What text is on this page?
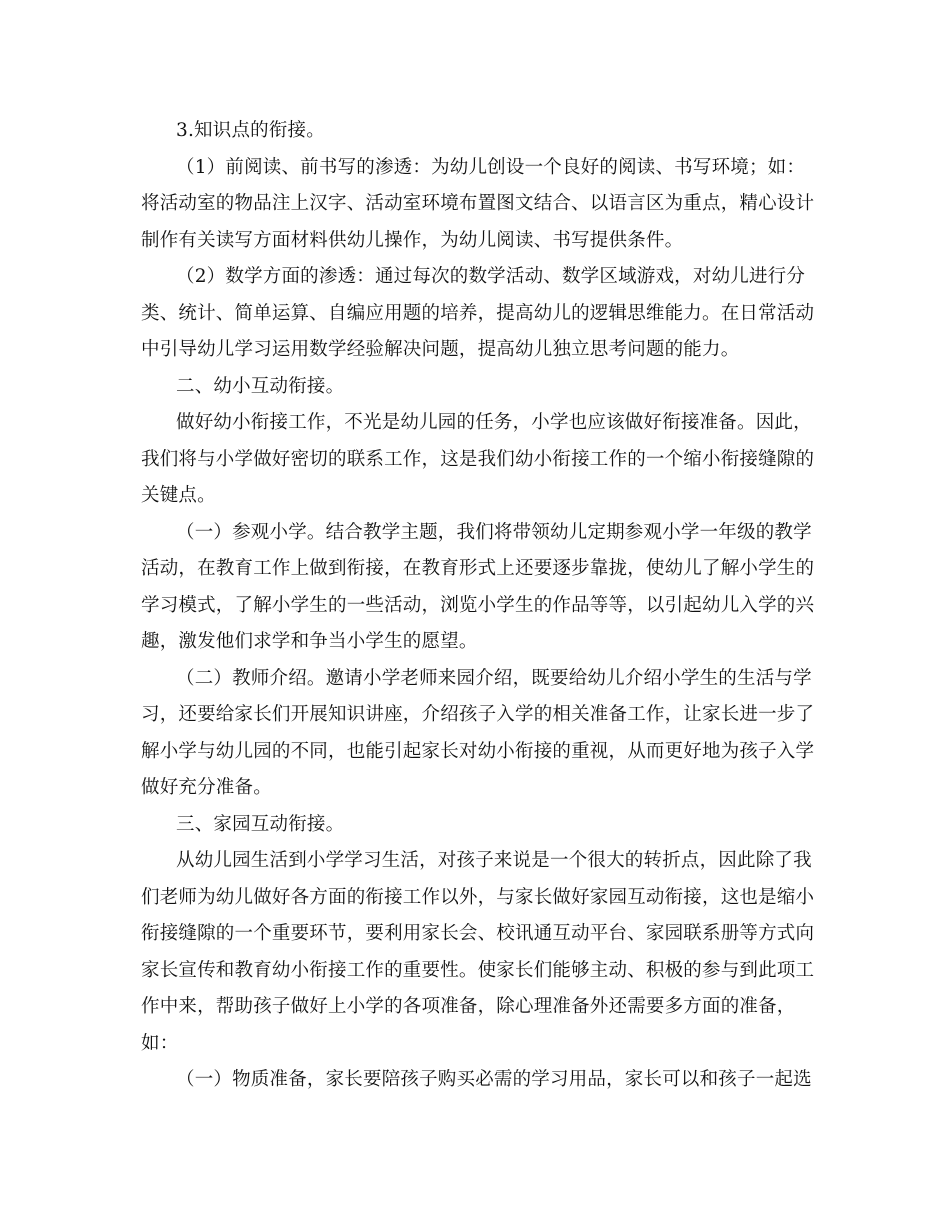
3.知识点的衔接。
（1）前阅读、前书写的渗透：为幼儿创设一个良好的阅读、书写环境；如：
将活动室的物品注上汉字、活动室环境布置图文结合、以语言区为重点，精心设计
制作有关读写方面材料供幼儿操作，为幼儿阅读、书写提供条件。
（2）数学方面的渗透：通过每次的数学活动、数学区域游戏，对幼儿进行分
类、统计、简单运算、自编应用题的培养，提高幼儿的逻辑思维能力。在日常活动
中引导幼儿学习运用数学经验解决问题，提高幼儿独立思考问题的能力。
二、幼小互动衔接。
做好幼小衔接工作，不光是幼儿园的任务，小学也应该做好衔接准备。因此，
我们将与小学做好密切的联系工作，这是我们幼小衔接工作的一个缩小衔接缝隙的
关键点。
（一）参观小学。结合教学主题，我们将带领幼儿定期参观小学一年级的教学
活动，在教育工作上做到衔接，在教育形式上还要逐步靠拢，使幼儿了解小学生的
学习模式，了解小学生的一些活动，浏览小学生的作品等等，以引起幼儿入学的兴
趣，激发他们求学和争当小学生的愿望。
（二）教师介绍。邀请小学老师来园介绍，既要给幼儿介绍小学生的生活与学
习，还要给家长们开展知识讲座，介绍孩子入学的相关准备工作，让家长进一步了
解小学与幼儿园的不同，也能引起家长对幼小衔接的重视，从而更好地为孩子入学
做好充分准备。
三、家园互动衔接。
从幼儿园生活到小学学习生活，对孩子来说是一个很大的转折点，因此除了我
们老师为幼儿做好各方面的衔接工作以外，与家长做好家园互动衔接，这也是缩小
衔接缝隙的一个重要环节，要利用家长会、校讯通互动平台、家园联系册等方式向
家长宣传和教育幼小衔接工作的重要性。使家长们能够主动、积极的参与到此项工
作中来，帮助孩子做好上小学的各项准备，除心理准备外还需要多方面的准备，
如：
（一）物质准备，家长要陪孩子购买必需的学习用品，家长可以和孩子一起选
